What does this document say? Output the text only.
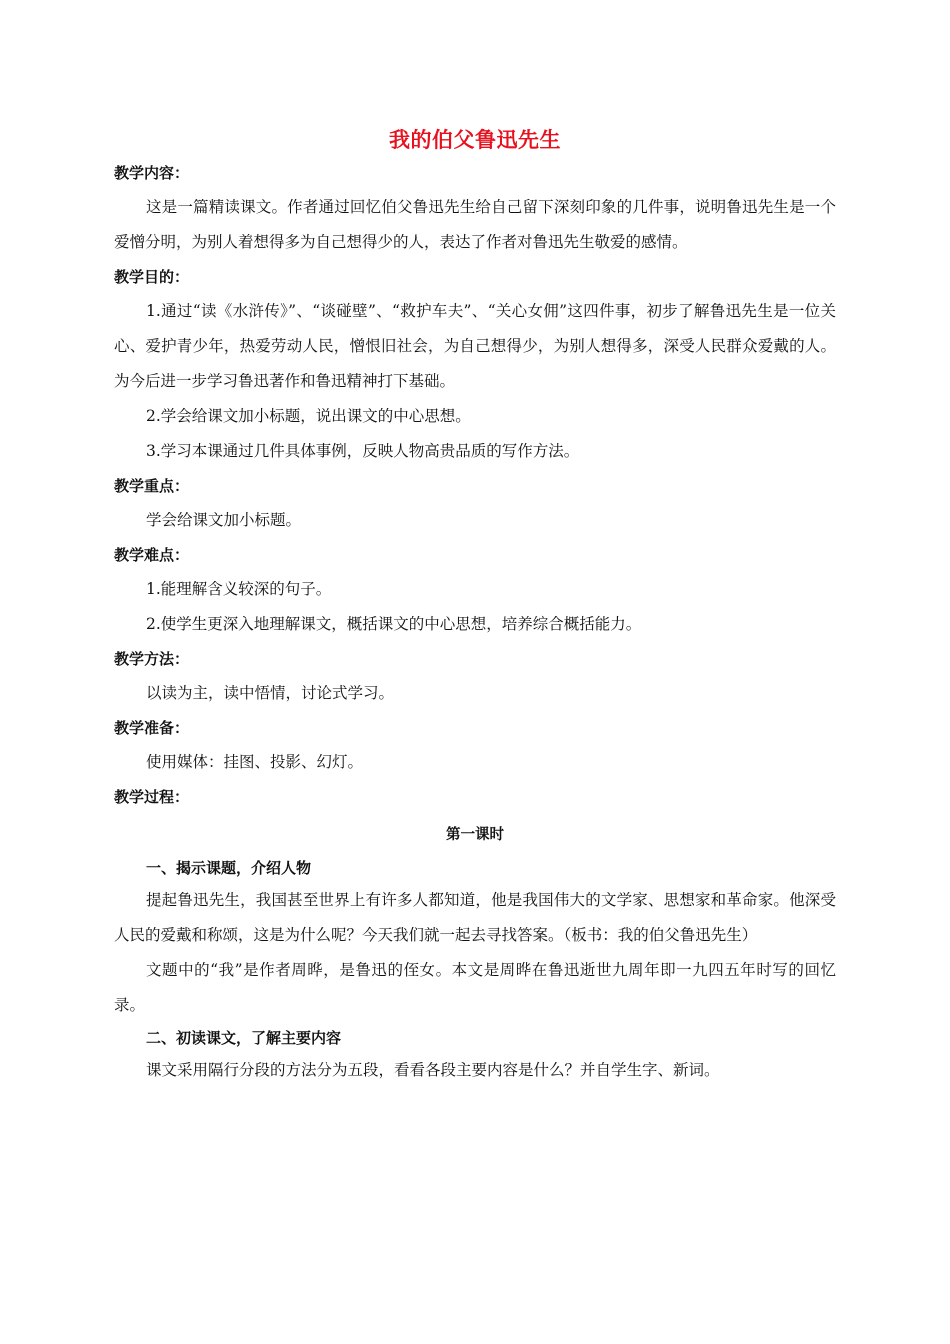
我的伯父鲁迅先生
教学内容：

这是一篇精读课文。作者通过回忆伯父鲁迅先生给自己留下深刻印象的几件事，说明鲁迅先生是一个爱憎分明，为别人着想得多为自己想得少的人，表达了作者对鲁迅先生敬爱的感情。

教学目的：

1.通过“读《水浒传》”、“谈碰壁”、“救护车夫”、“关心女佣”这四件事，初步了解鲁迅先生是一位关心、爱护青少年，热爱劳动人民，憎恨旧社会，为自己想得少，为别人想得多，深受人民群众爱戴的人。为今后进一步学习鲁迅著作和鲁迅精神打下基础。

2.学会给课文加小标题，说出课文的中心思想。

3.学习本课通过几件具体事例，反映人物高贵品质的写作方法。

教学重点：

学会给课文加小标题。

教学难点：

1.能理解含义较深的句子。

2.使学生更深入地理解课文，概括课文的中心思想，培养综合概括能力。

教学方法：

以读为主，读中悟情，讨论式学习。

教学准备：

使用媒体：挂图、投影、幻灯。

教学过程：

第一课时

一、揭示课题，介绍人物

提起鲁迅先生，我国甚至世界上有许多人都知道，他是我国伟大的文学家、思想家和革命家。他深受人民的爱戴和称颂，这是为什么呢？今天我们就一起去寻找答案。（板书：我的伯父鲁迅先生）

文题中的“我”是作者周晔，是鲁迅的侄女。本文是周晔在鲁迅逝世九周年即一九四五年时写的回忆录。

二、初读课文，了解主要内容

课文采用隔行分段的方法分为五段，看看各段主要内容是什么？并自学生字、新词。
